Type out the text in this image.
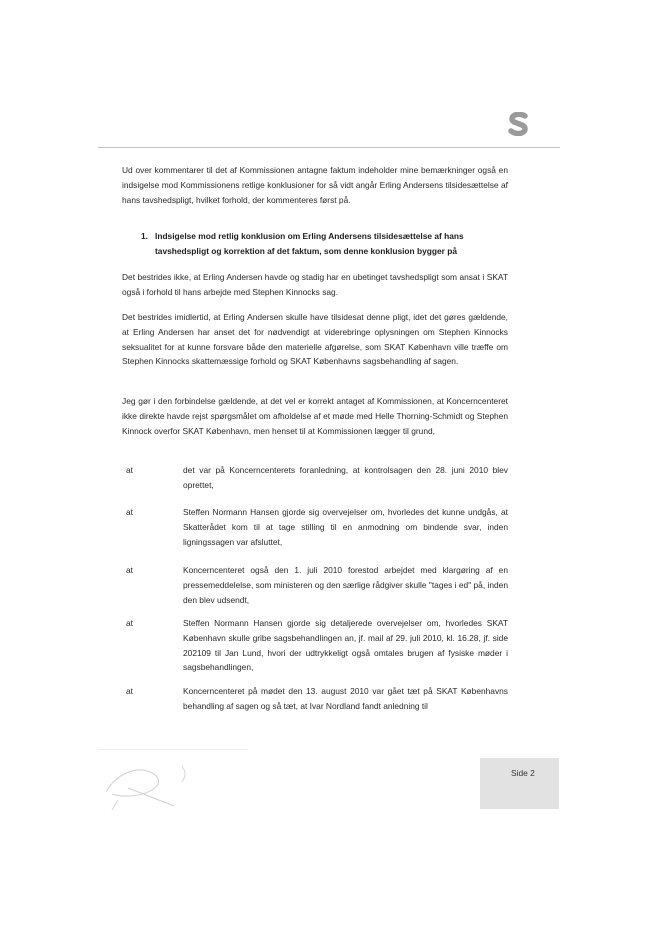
Ud over kommentarer til det af Kommissionen antagne faktum indeholder mine bemærkninger også en indsigelse mod Kommissionens retlige konklusioner for så vidt angår Erling Andersens tilsidesættelse af hans tavshedspligt, hvilket forhold, der kommenteres først på.

1. Indsigelse mod retlig konklusion om Erling Andersens tilsidesættelse af hans tavshedspligt og korrektion af det faktum, som denne konklusion bygger på

Det bestrides ikke, at Erling Andersen havde og stadig har en ubetinget tavshedspligt som ansat i SKAT også i forhold til hans arbejde med Stephen Kinnocks sag.

Det bestrides imidlertid, at Erling Andersen skulle have tilsidesat denne pligt, idet det gøres gældende, at Erling Andersen har anset det for nødvendigt at viderebringe oplysningen om Stephen Kinnocks seksualitet for at kunne forsvare både den materielle afgørelse, som SKAT København ville træffe om Stephen Kinnocks skattemæssige forhold og SKAT Københavns sagsbehandling af sagen.

Jeg gør i den forbindelse gældende, at det vel er korrekt antaget af Kommissionen, at Koncerncenteret ikke direkte havde rejst spørgsmålet om afholdelse af et møde med Helle Thorning-Schmidt og Stephen Kinnock overfor SKAT København, men henset til at Kommissionen lægger til grund,

at	det var på Koncerncenterets foranledning, at kontrolsagen den 28. juni 2010 blev oprettet,
at	Steffen Normann Hansen gjorde sig overvejelser om, hvorledes det kunne undgås, at Skatterådet kom til at tage stilling til en anmodning om bindende svar, inden ligningssagen var afsluttet,
at	Koncerncenteret også den 1. juli 2010 forestod arbejdet med klargøring af en pressemeddelelse, som ministeren og den særlige rådgiver skulle "tages i ed" på, inden den blev udsendt,
at	Steffen Normann Hansen gjorde sig detaljerede overvejelser om, hvorledes SKAT København skulle gribe sagsbehandlingen an, jf. mail af 29. juli 2010, kl. 16.28, jf. side 202109 til Jan Lund, hvori der udtrykkeligt også omtales brugen af fysiske møder i sagsbehandlingen,
at	Koncerncenteret på mødet den 13. august 2010 var gået tæt på SKAT Københavns behandling af sagen og så tæt, at Ivar Nordland fandt anledning til
Side 2
